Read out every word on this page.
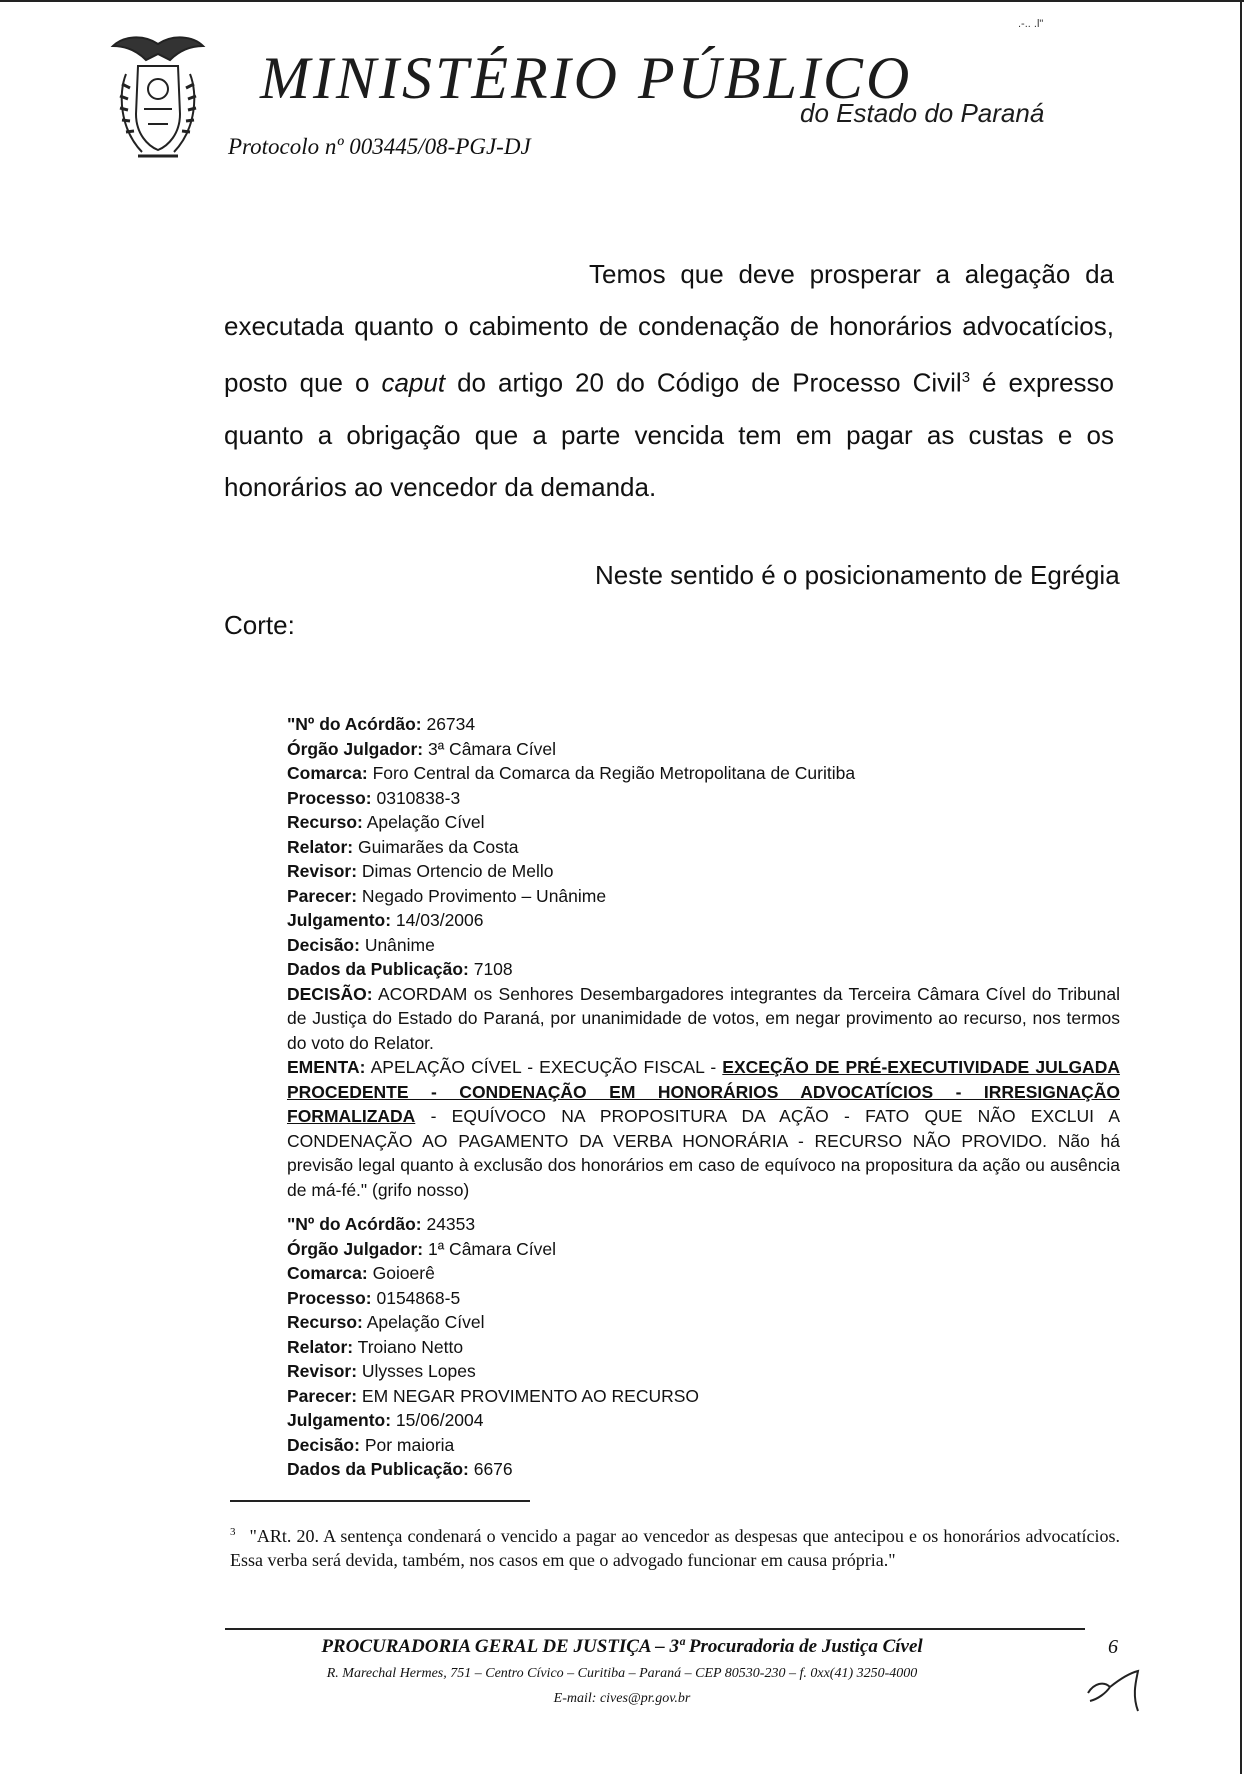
.-.. .l"
MINISTÉRIO PÚBLICO
do Estado do Paraná
Protocolo nº 003445/08-PGJ-DJ
Temos que deve prosperar a alegação da executada quanto o cabimento de condenação de honorários advocatícios, posto que o caput do artigo 20 do Código de Processo Civil$^3$ é expresso quanto a obrigação que a parte vencida tem em pagar as custas e os honorários ao vencedor da demanda.
Neste sentido é o posicionamento de Egrégia
Corte:
"Nº do Acórdão: 26734
Órgão Julgador: 3ª Câmara Cível
Comarca: Foro Central da Comarca da Região Metropolitana de Curitiba
Processo: 0310838-3
Recurso: Apelação Cível
Relator: Guimarães da Costa
Revisor: Dimas Ortencio de Mello
Parecer: Negado Provimento – Unânime
Julgamento: 14/03/2006
Decisão: Unânime
Dados da Publicação: 7108
DECISÃO: ACORDAM os Senhores Desembargadores integrantes da Terceira Câmara Cível do Tribunal de Justiça do Estado do Paraná, por unanimidade de votos, em negar provimento ao recurso, nos termos do voto do Relator.
EMENTA: APELAÇÃO CÍVEL - EXECUÇÃO FISCAL - EXCEÇÃO DE PRÉ-EXECUTIVIDADE JULGADA PROCEDENTE - CONDENAÇÃO EM HONORÁRIOS ADVOCATÍCIOS - IRRESIGNAÇÃO FORMALIZADA - EQUÍVOCO NA PROPOSITURA DA AÇÃO - FATO QUE NÃO EXCLUI A CONDENAÇÃO AO PAGAMENTO DA VERBA HONORÁRIA - RECURSO NÃO PROVIDO. Não há previsão legal quanto à exclusão dos honorários em caso de equívoco na propositura da ação ou ausência de má-fé." (grifo nosso)
"Nº do Acórdão: 24353
Órgão Julgador: 1ª Câmara Cível
Comarca: Goioerê
Processo: 0154868-5
Recurso: Apelação Cível
Relator: Troiano Netto
Revisor: Ulysses Lopes
Parecer: EM NEGAR PROVIMENTO AO RECURSO
Julgamento: 15/06/2004
Decisão: Por maioria
Dados da Publicação: 6676
$^3$ "ARt. 20. A sentença condenará o vencido a pagar ao vencedor as despesas que antecipou e os honorários advocatícios. Essa verba será devida, também, nos casos em que o advogado funcionar em causa própria."
PROCURADORIA GERAL DE JUSTIÇA – 3ª Procuradoria de Justiça Cível
R. Marechal Hermes, 751 – Centro Cívico – Curitiba – Paraná – CEP 80530-230 – f. 0xx(41) 3250-4000
E-mail: cives@pr.gov.br
6
